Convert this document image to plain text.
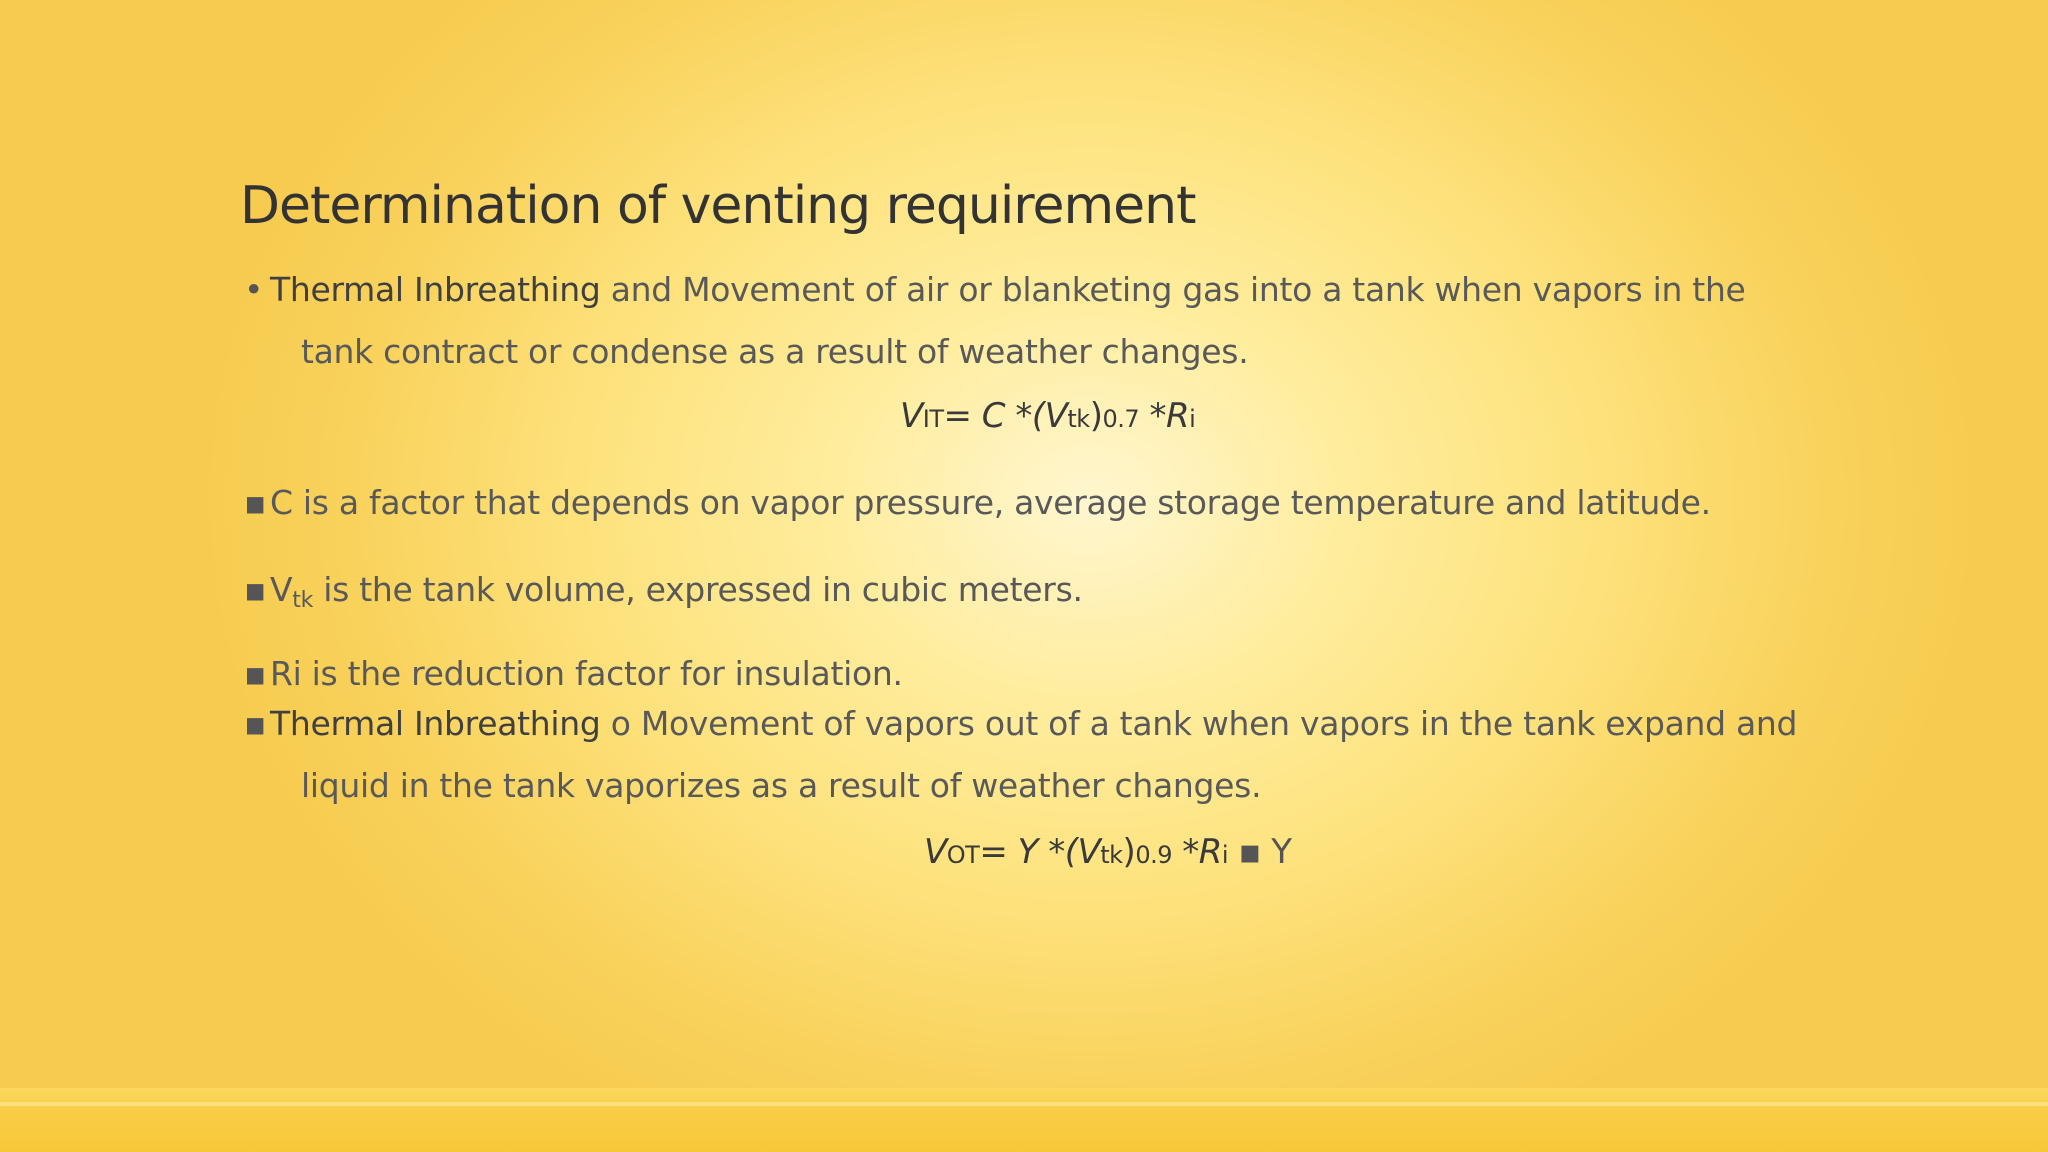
Determination of venting requirement
• Thermal Inbreathing and Movement of air or blanketing gas into a tank when vapors in the
tank contract or condense as a result of weather changes.
VIT= C *(Vtk)0.7 *Ri
▪ C is a factor that depends on vapor pressure, average storage temperature and latitude.
▪ Vtk is the tank volume, expressed in cubic meters.
▪ Ri is the reduction factor for insulation.
▪ Thermal Inbreathing o Movement of vapors out of a tank when vapors in the tank expand and
liquid in the tank vaporizes as a result of weather changes.
VOT= Y *(Vtk)0.9 *Ri ▪ Y
